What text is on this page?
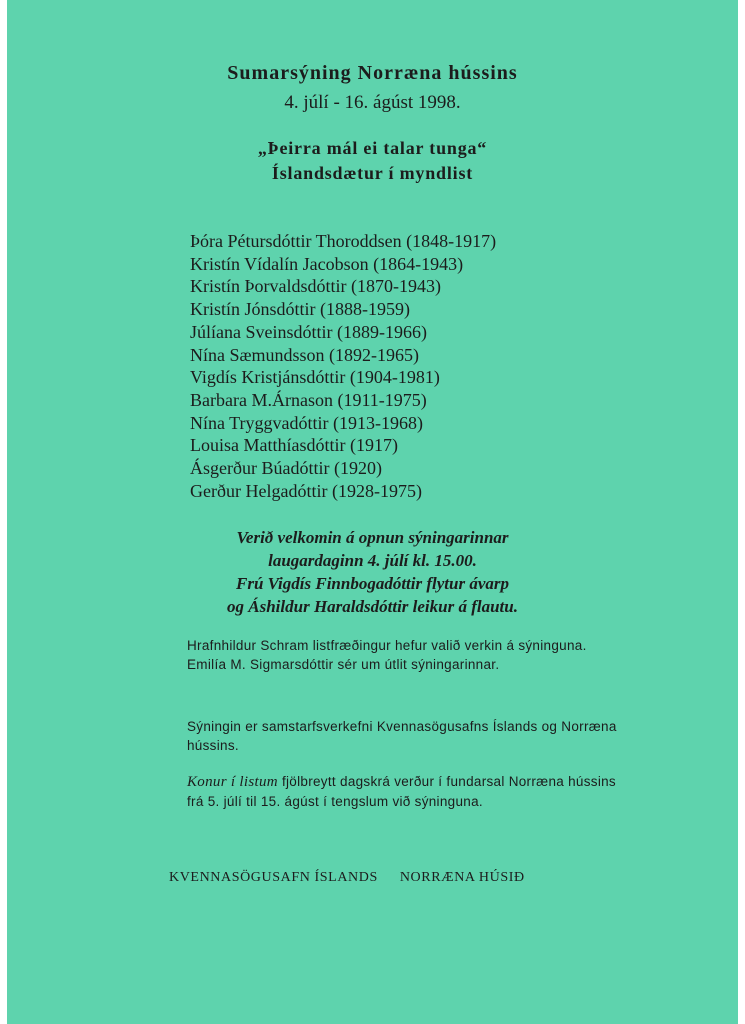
Sumarsýning Norræna hússins
4. júlí - 16. ágúst 1998.
„Þeirra mál ei talar tunga“
Íslandsdætur í myndlist
Þóra Pétursdóttir Thoroddsen (1848-1917)
Kristín Vídalín Jacobson (1864-1943)
Kristín Þorvaldsdóttir (1870-1943)
Kristín Jónsdóttir (1888-1959)
Júlíana Sveinsdóttir (1889-1966)
Nína Sæmundsson (1892-1965)
Vigdís Kristjánsdóttir (1904-1981)
Barbara M.Árnason (1911-1975)
Nína Tryggvadóttir (1913-1968)
Louisa Matthíasdóttir (1917)
Ásgerður Búadóttir (1920)
Gerður Helgadóttir (1928-1975)
Verið velkomin á opnun sýningarinnar
laugardaginn 4. júlí kl. 15.00.
Frú Vigdís Finnbogadóttir flytur ávarp
og Áshildur Haraldsdóttir leikur á flautu.
Hrafnhildur Schram listfræðingur hefur valið verkin á sýninguna. Emilía M. Sigmarsdóttir sér um útlit sýningarinnar.
Sýningin er samstarfsverkefni Kvennasögusafns Íslands og Norræna hússins.
Konur í listum fjölbreytt dagskrá verður í fundarsal Norræna hússins frá 5. júlí til 15. ágúst í tengslum við sýninguna.
KVENNASÖGUSAFN ÍSLANDS NORRÆNA HÚSIÐ
